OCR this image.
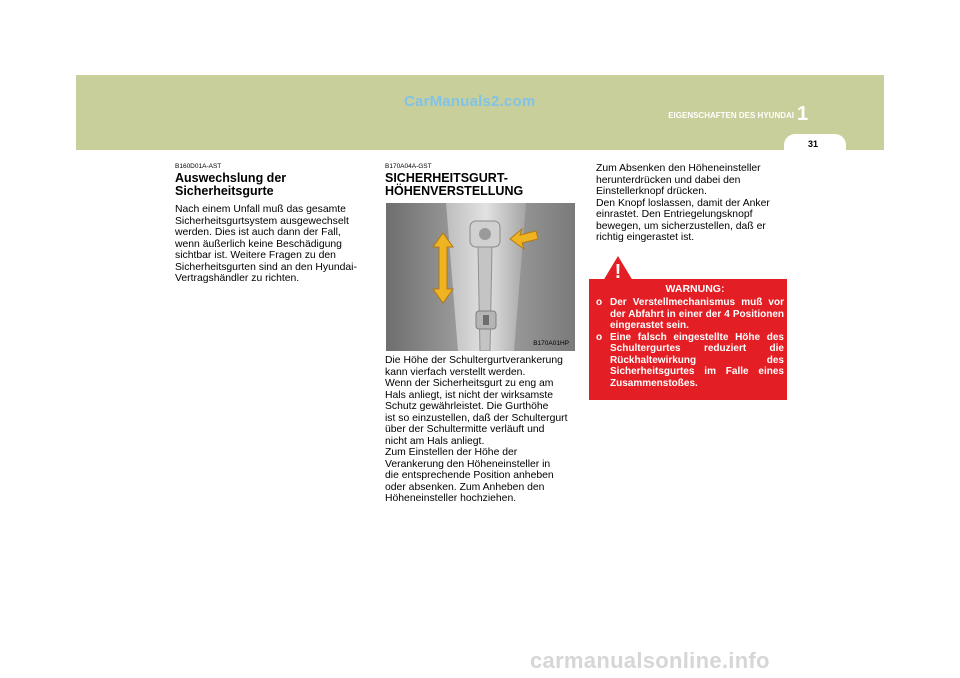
CarManuals2.com
EIGENSCHAFTEN DES HYUNDAI 1
31

B160D01A-AST

Auswechslung der Sicherheitsgurte

Nach einem Unfall muß das gesamte
Sicherheitsgurtsystem ausgewechselt
werden. Dies ist auch dann der Fall,
wenn äußerlich keine Beschädigung
sichtbar ist. Weitere Fragen zu den
Sicherheitsgurten sind an den Hyundai-
Vertragshändler zu richten.

B170A04A-GST

SICHERHEITSGURT-
HÖHENVERSTELLUNG
B170A01HP

Die Höhe der Schultergurtverankerung
kann vierfach verstellt werden.
Wenn der Sicherheitsgurt zu eng am
Hals anliegt, ist nicht der wirksamste
Schutz gewährleistet. Die Gurthöhe
ist so einzustellen, daß der Schultergurt
über der Schultermitte verläuft und
nicht am Hals anliegt.
Zum Einstellen der Höhe der
Verankerung den Höheneinsteller in
die entsprechende Position anheben
oder absenken. Zum Anheben den
Höheneinsteller hochziehen.

Zum Absenken den Höheneinsteller
herunterdrücken und dabei den
Einstellerknopf drücken.
Den Knopf loslassen, damit der Anker
einrastet. Den Entriegelungsknopf
bewegen, um sicherzustellen, daß er
richtig eingerastet ist.

!
WARNUNG:
o Der Verstellmechanismus muß vor der Abfahrt in einer der 4 Positionen eingerastet sein.
o Eine falsch eingestellte Höhe des Schultergurtes reduziert die Rückhaltewirkung des Sicherheitsgurtes im Falle eines Zusammenstoßes.
carmanualsonline.info
